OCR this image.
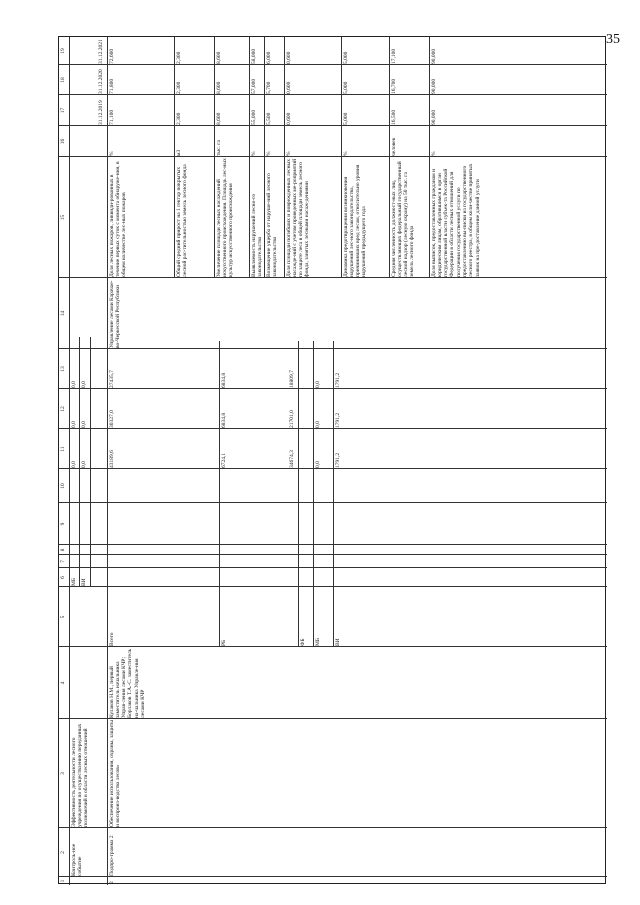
35
1
2
3
4
5
6
7
8
9
10
11
12
13
14
15
16
17
18
19
Контроль-ное событие
Эффективность деятельности лесного учреждения по осуществлению переданных полномочий в области лесных отношений
МБ ВИ
0,0
0,0
0,0
0,0
0,0
0,0
31.12.2019
31.12.2020
31.12.2021
2
Подпро-грамма 2
Обеспечение использования, охраны, защиты и воспроиз-водства лесов»
Кулаков Н.М., первый заместитель начальника Управ-ления лесами КЧР; Борлаков Т.А.-С. заместитель на-чальника Управле-ния лесами КЧР
Управление лесами Карачае-во-Черкесской Республики
Всего
43189,6
30327,0
27435,7
РБ
6724,1
6834,8
6834,8
ФБ
34674,3
21701,0
18809,7
МБ
0,0
0,0
0,0
ВИ
1791,2
1791,2
1791,2
Доля лесных пожаров, ликвиди-рованных в течение первых суток с момента обнаруже-ния, в общем количестве лес-ных пожаров
%
71,100
71,800
72,600
Общий средний прирост на 1 гектар покрытых лесной рас-тительностью земель лесного фонда
м3
2,300
2,300
2,300
Увеличение площади лесных насаждений искусственного происхождения. Площадь лес-ных культур искусственного происхождения
тыс. га
8,600
8,600
8,600
Выявляемость нарушений лесно-го законодательства
%
55,000
57,000
58,000
Возмещение ущерба от наруше-ний лесного законодательства
%
5,500
5,700
6,000
Доля площади погибших и поврежденных лесных насажде-ний с учетом проведенных ме-роприятий по защите леса в общей площади земель лесного фонда, занятых лесными насаж-дениями
%
0,600
0,600
0,600
Динамика предотвращения возникновения нарушений лес-ного законодательства, причинивших вред лесам, относительно уровня нарушений предыдущего года
%
5,000
5,000
5,000
Средняя численность должност-ных лиц, осуществляющих федеральный государственный лесной надзор (лесную охрану) на 50 тыс. га земель лесного фонда
человек
16,500
16,700
17,100
Доля выписок, предоставленных гражданам и юридическим лицам, обратившимся в орган государственной власти субъек-та Российской Федерации в области лесных отношений для получения государственной услуги по предоставлению вы-писки из государственного лесного реестра, в общем коли-честве принятых заявок на пре-доставление данной услуги
%
90,000
90,000
90,000
